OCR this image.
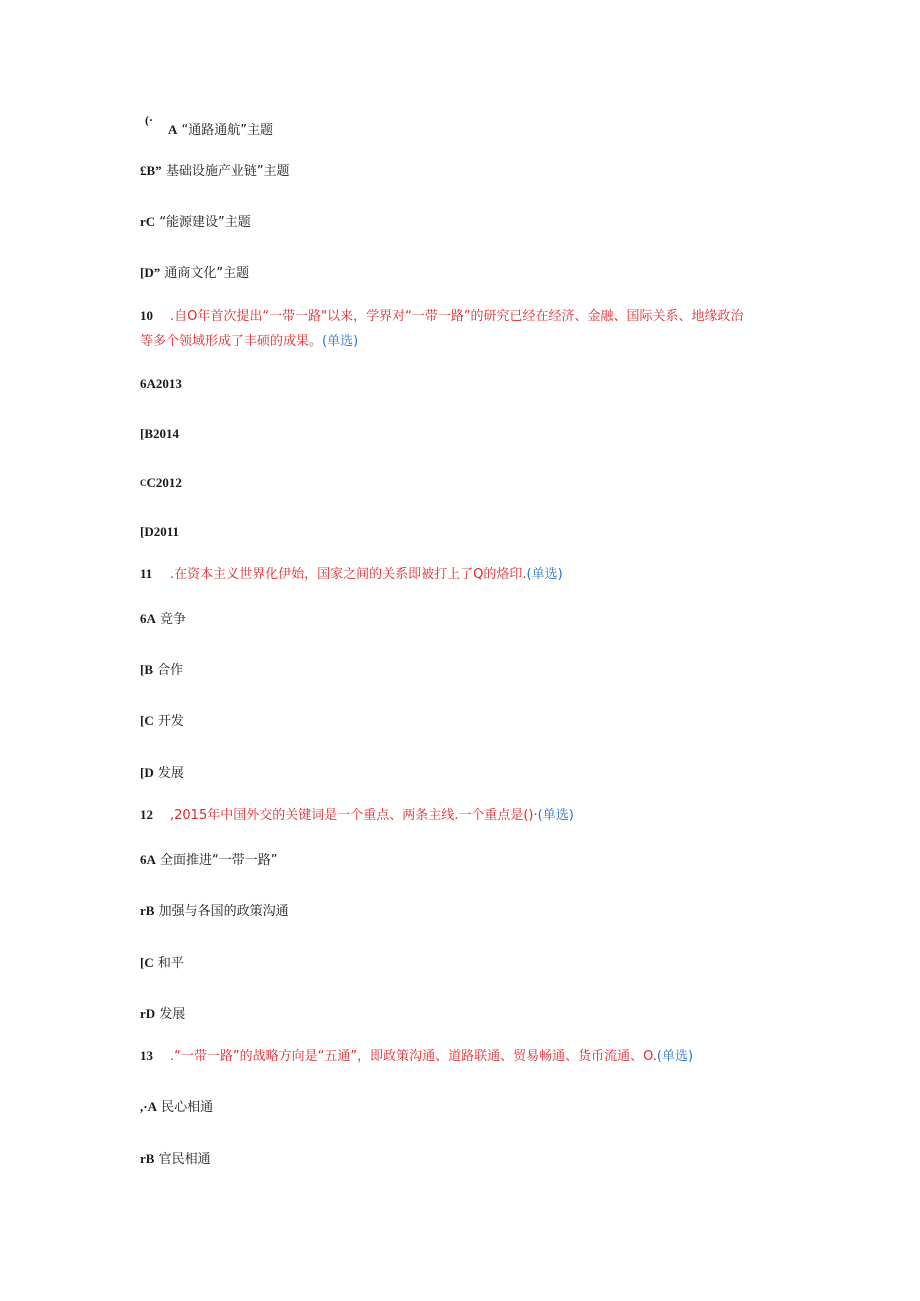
(·
A “通路通航”主题
£B” 基础设施产业链”主题
rC “能源建设”主题
[D” 通商文化”主题
10 .自O年首次提出“一带一路"以来，学界对“一带一路”的研究已经在经济、金融、国际关系、地缘政治
等多个领域形成了丰硕的成果。(单选)
6A2013
[B2014
$^C$C2012
[D2011
11 .在资本主义世界化伊始，国家之间的关系即被打上了Q的烙印.(单选)
6A 竞争
[B 合作
[C 开发
[D 发展
12 ,2015年中国外交的关键词是一个重点、两条主线.一个重点是()·(单选)
6A 全面推进“一带一路”
rB 加强与各国的政策沟通
[C 和平
rD 发展
13 .“一带一路”的战略方向是“五通”，即政策沟通、道路联通、贸易畅通、货币流通、O.(单选)
,·A 民心相通
rB 官民相通
